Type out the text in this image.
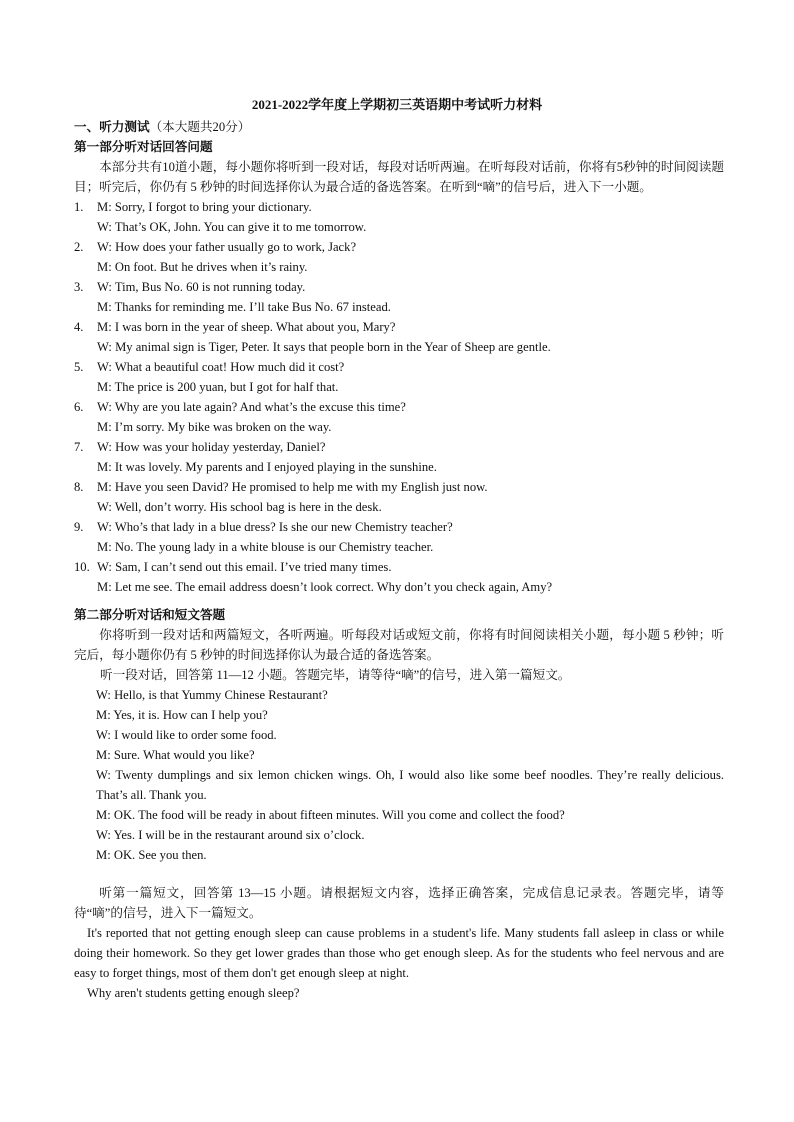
2021-2022学年度上学期初三英语期中考试听力材料
一、听力测试（本大题共20分）
第一部分听对话回答问题
本部分共有10道小题，每小题你将听到一段对话，每段对话听两遍。在听每段对话前，你将有5秒钟的时间阅读题目；听完后，你仍有 5 秒钟的时间选择你认为最合适的备选答案。在听到“嘀”的信号后，进入下一小题。
1.	M: Sorry, I forgot to bring your dictionary.
W: That’s OK, John. You can give it to me tomorrow.
2.	W: How does your father usually go to work, Jack?
M: On foot. But he drives when it’s rainy.
3.	W: Tim, Bus No. 60 is not running today.
M: Thanks for reminding me. I’ll take Bus No. 67 instead.
4.	M: I was born in the year of sheep. What about you, Mary?
W: My animal sign is Tiger, Peter. It says that people born in the Year of Sheep are gentle.
5.	W: What a beautiful coat! How much did it cost?
M: The price is 200 yuan, but I got for half that.
6.	W: Why are you late again? And what’s the excuse this time?
M: I’m sorry. My bike was broken on the way.
7.	W: How was your holiday yesterday, Daniel?
M: It was lovely. My parents and I enjoyed playing in the sunshine.
8.	M: Have you seen David? He promised to help me with my English just now.
W: Well, don’t worry. His school bag is here in the desk.
9.	W: Who’s that lady in a blue dress? Is she our new Chemistry teacher?
M: No. The young lady in a white blouse is our Chemistry teacher.
10. W: Sam, I can’t send out this email. I’ve tried many times.
M: Let me see. The email address doesn’t look correct. Why don’t you check again, Amy?
第二部分听对话和短文答题
你将听到一段对话和两篇短文，各听两遍。听每段对话或短文前，你将有时间阅读相关小题，每小题 5 秒钟；听完后，每小题你仍有 5 秒钟的时间选择你认为最合适的备选答案。
听一段对话，回答第 11—12 小题。答题完毕，请等待“嘀”的信号，进入第一篇短文。
W: Hello, is that Yummy Chinese Restaurant?
M: Yes, it is. How can I help you?
W: I would like to order some food.
M: Sure. What would you like?
W: Twenty dumplings and six lemon chicken wings. Oh, I would also like some beef noodles. They’re really delicious. That’s all. Thank you.
M: OK. The food will be ready in about fifteen minutes. Will you come and collect the food?
W: Yes. I will be in the restaurant around six o’clock.
M: OK. See you then.
听第一篇短文，回答第 13—15 小题。请根据短文内容，选择正确答案，完成信息记录表。答题完毕，请等待“嘀”的信号，进入下一篇短文。
It's reported that not getting enough sleep can cause problems in a student's life. Many students fall asleep in class or while doing their homework. So they get lower grades than those who get enough sleep. As for the students who feel nervous and are easy to forget things, most of them don't get enough sleep at night.
Why aren't students getting enough sleep?
